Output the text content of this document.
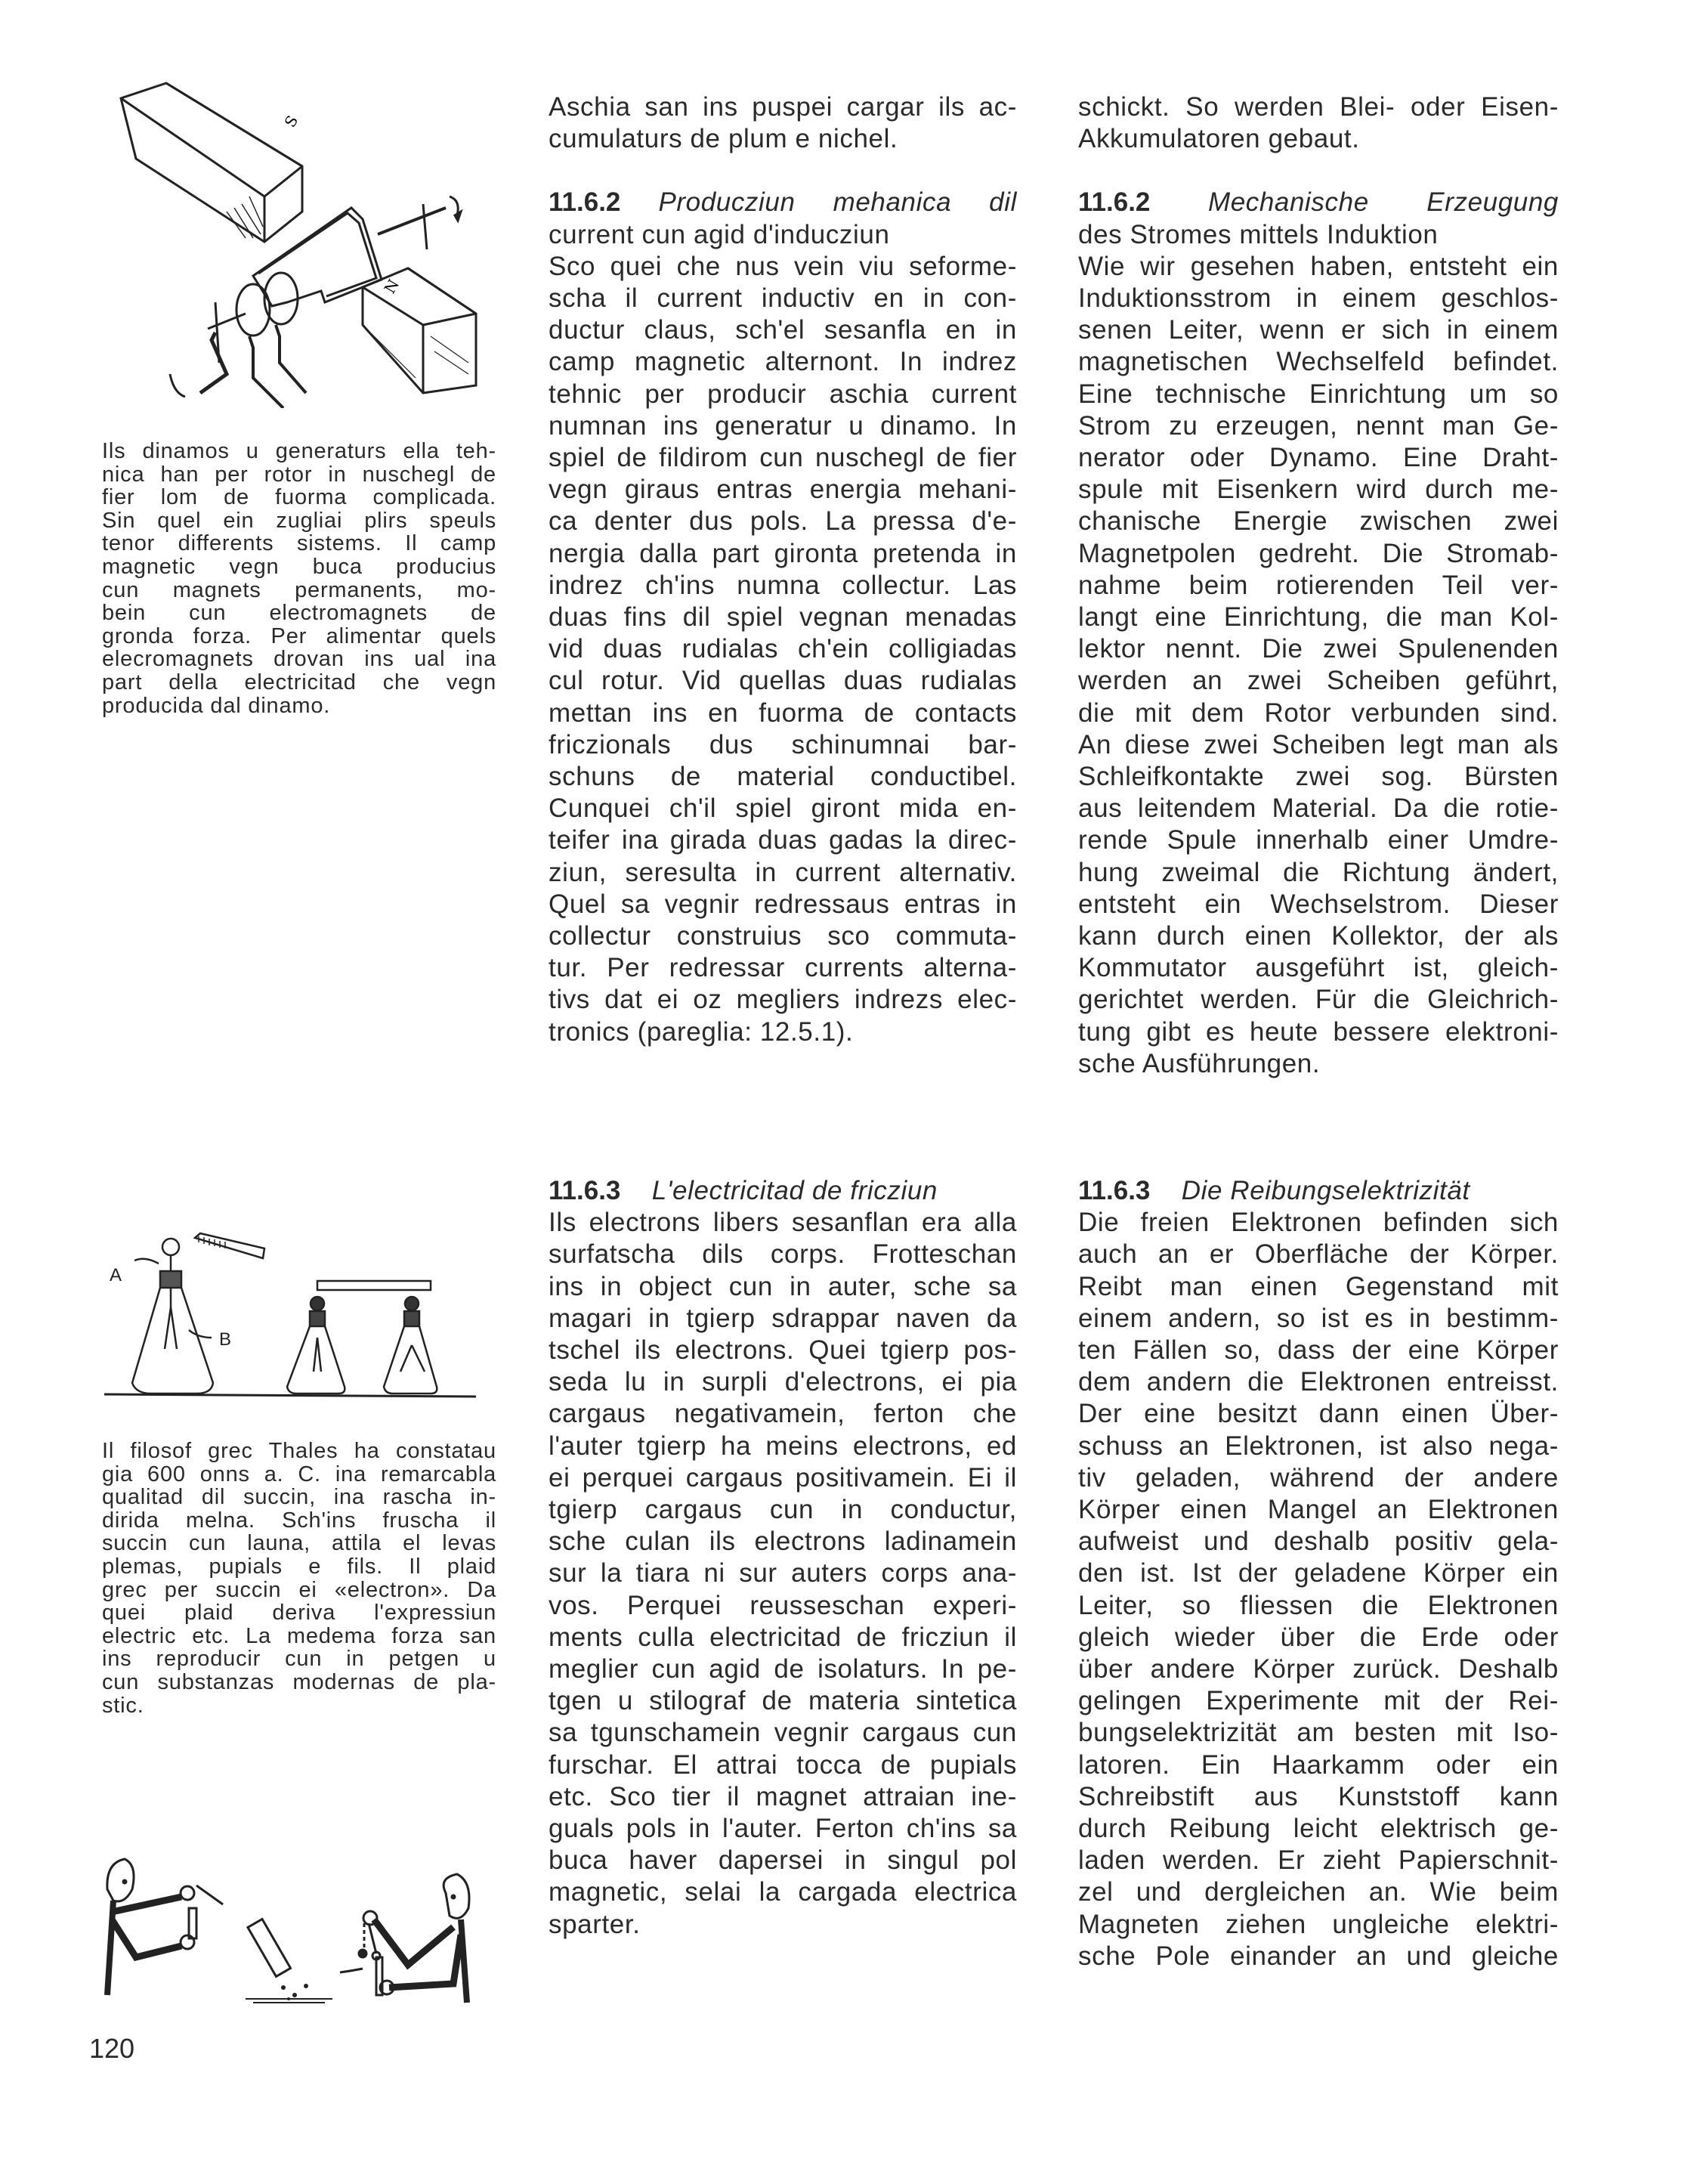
S
N
Ils dinamos u generaturs ella teh-
nica han per rotor in nuschegl de
fier lom de fuorma complicada.
Sin quel ein zugliai plirs speuls
tenor differents sistems. Il camp
magnetic vegn buca producius
cun magnets permanents, mo-
bein cun electromagnets de
gronda forza. Per alimentar quels
elecromagnets drovan ins ual ina
part della electricitad che vegn
producida dal dinamo.
A
B
Il filosof grec Thales ha constatau
gia 600 onns a. C. ina remarcabla
qualitad dil succin, ina rascha in-
dirida melna. Sch'ins fruscha il
succin cun launa, attila el levas
plemas, pupials e fils. Il plaid
grec per succin ei «electron». Da
quei plaid deriva l'expressiun
electric etc. La medema forza san
ins reproducir cun in petgen u
cun substanzas modernas de pla-
stic.
120
Aschia san ins puspei cargar ils ac-
cumulaturs de plum e nichel.
11.6.2 Producziun mehanica dil
current cun agid d'inducziun
Sco quei che nus vein viu seforme-
scha il current inductiv en in con-
ductur claus, sch'el sesanfla en in
camp magnetic alternont. In indrez
tehnic per producir aschia current
numnan ins generatur u dinamo. In
spiel de fildirom cun nuschegl de fier
vegn giraus entras energia mehani-
ca denter dus pols. La pressa d'e-
nergia dalla part gironta pretenda in
indrez ch'ins numna collectur. Las
duas fins dil spiel vegnan menadas
vid duas rudialas ch'ein colligiadas
cul rotur. Vid quellas duas rudialas
mettan ins en fuorma de contacts
friczionals dus schinumnai bar-
schuns de material conductibel.
Cunquei ch'il spiel giront mida en-
teifer ina girada duas gadas la direc-
ziun, seresulta in current alternativ.
Quel sa vegnir redressaus entras in
collectur construius sco commuta-
tur. Per redressar currents alterna-
tivs dat ei oz megliers indrezs elec-
tronics (pareglia: 12.5.1).
11.6.3 L'electricitad de fricziun
Ils electrons libers sesanflan era alla
surfatscha dils corps. Frotteschan
ins in object cun in auter, sche sa
magari in tgierp sdrappar naven da
tschel ils electrons. Quei tgierp pos-
seda lu in surpli d'electrons, ei pia
cargaus negativamein, ferton che
l'auter tgierp ha meins electrons, ed
ei perquei cargaus positivamein. Ei il
tgierp cargaus cun in conductur,
sche culan ils electrons ladinamein
sur la tiara ni sur auters corps ana-
vos. Perquei reusseschan experi-
ments culla electricitad de fricziun il
meglier cun agid de isolaturs. In pe-
tgen u stilograf de materia sintetica
sa tgunschamein vegnir cargaus cun
furschar. El attrai tocca de pupials
etc. Sco tier il magnet attraian ine-
guals pols in l'auter. Ferton ch'ins sa
buca haver dapersei in singul pol
magnetic, selai la cargada electrica
sparter.
schickt. So werden Blei- oder Eisen-
Akkumulatoren gebaut.
11.6.2 Mechanische Erzeugung
des Stromes mittels Induktion
Wie wir gesehen haben, entsteht ein
Induktionsstrom in einem geschlos-
senen Leiter, wenn er sich in einem
magnetischen Wechselfeld befindet.
Eine technische Einrichtung um so
Strom zu erzeugen, nennt man Ge-
nerator oder Dynamo. Eine Draht-
spule mit Eisenkern wird durch me-
chanische Energie zwischen zwei
Magnetpolen gedreht. Die Stromab-
nahme beim rotierenden Teil ver-
langt eine Einrichtung, die man Kol-
lektor nennt. Die zwei Spulenenden
werden an zwei Scheiben geführt,
die mit dem Rotor verbunden sind.
An diese zwei Scheiben legt man als
Schleifkontakte zwei sog. Bürsten
aus leitendem Material. Da die rotie-
rende Spule innerhalb einer Umdre-
hung zweimal die Richtung ändert,
entsteht ein Wechselstrom. Dieser
kann durch einen Kollektor, der als
Kommutator ausgeführt ist, gleich-
gerichtet werden. Für die Gleichrich-
tung gibt es heute bessere elektroni-
sche Ausführungen.
11.6.3 Die Reibungselektrizität
Die freien Elektronen befinden sich
auch an er Oberfläche der Körper.
Reibt man einen Gegenstand mit
einem andern, so ist es in bestimm-
ten Fällen so, dass der eine Körper
dem andern die Elektronen entreisst.
Der eine besitzt dann einen Über-
schuss an Elektronen, ist also nega-
tiv geladen, während der andere
Körper einen Mangel an Elektronen
aufweist und deshalb positiv gela-
den ist. Ist der geladene Körper ein
Leiter, so fliessen die Elektronen
gleich wieder über die Erde oder
über andere Körper zurück. Deshalb
gelingen Experimente mit der Rei-
bungselektrizität am besten mit Iso-
latoren. Ein Haarkamm oder ein
Schreibstift aus Kunststoff kann
durch Reibung leicht elektrisch ge-
laden werden. Er zieht Papierschnit-
zel und dergleichen an. Wie beim
Magneten ziehen ungleiche elektri-
sche Pole einander an und gleiche
